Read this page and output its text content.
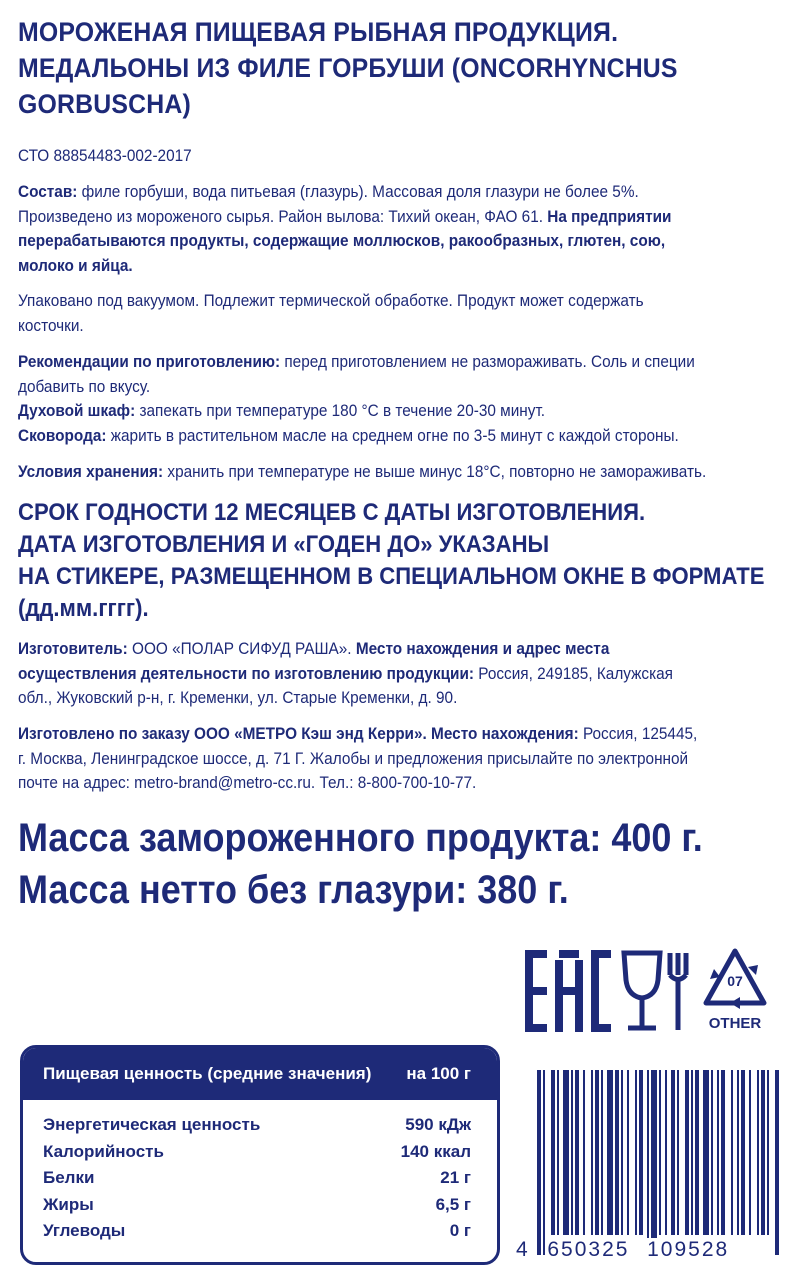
МОРОЖЕНАЯ ПИЩЕВАЯ РЫБНАЯ ПРОДУКЦИЯ.
МЕДАЛЬОНЫ ИЗ ФИЛЕ ГОРБУШИ (ONCORHYNCHUS
GORBUSCHA)
СТО 88854483-002-2017
Состав: филе горбуши, вода питьевая (глазурь). Массовая доля глазури не более 5%.
Произведено из мороженого сырья. Район вылова: Тихий океан, ФАО 61. На предприятии
перерабатываются продукты, содержащие моллюсков, ракообразных, глютен, сою,
молоко и яйца.
Упаковано под вакуумом. Подлежит термической обработке. Продукт может содержать
косточки.
Рекомендации по приготовлению: перед приготовлением не размораживать. Соль и специи
добавить по вкусу.
Духовой шкаф: запекать при температуре 180 °С в течение 20-30 минут.
Сковорода: жарить в растительном масле на среднем огне по 3-5 минут с каждой стороны.
Условия хранения: хранить при температуре не выше минус 18°С, повторно не замораживать.
СРОК ГОДНОСТИ 12 МЕСЯЦЕВ С ДАТЫ ИЗГОТОВЛЕНИЯ.
ДАТА ИЗГОТОВЛЕНИЯ И «ГОДЕН ДО» УКАЗАНЫ
НА СТИКЕРЕ, РАЗМЕЩЕННОМ В СПЕЦИАЛЬНОМ ОКНЕ В ФОРМАТЕ
(дд.мм.гггг).
Изготовитель: ООО «ПОЛАР СИФУД РАША». Место нахождения и адрес места
осуществления деятельности по изготовлению продукции: Россия, 249185, Калужская
обл., Жуковский р-н, г. Кременки, ул. Старые Кременки, д. 90.
Изготовлено по заказу ООО «МЕТРО Кэш энд Керри». Место нахождения: Россия, 125445,
г. Москва, Ленинградское шоссе, д. 71 Г. Жалобы и предложения присылайте по электронной
почте на адрес: metro-brand@metro-cc.ru. Тел.: 8-800-700-10-77.
Масса замороженного продукта: 400 г.
Масса нетто без глазури: 380 г.
07
OTHER
Пищевая ценность (средние значения) на 100 г
Энергетическая ценность	590 кДж
Калорийность	140 ккал
Белки	21 г
Жиры	6,5 г
Углеводы	0 г
4 650325 109528
